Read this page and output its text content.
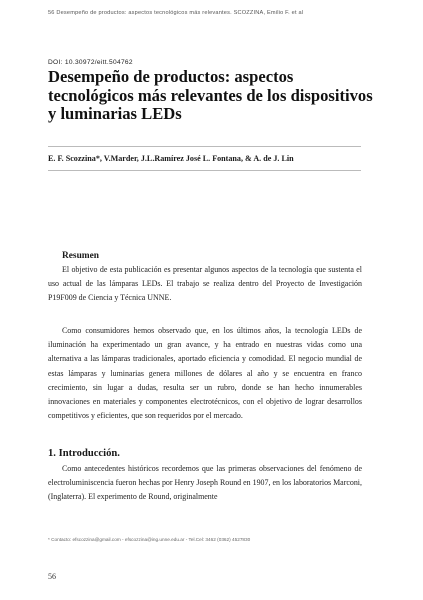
56 Desempeño de productos: aspectos tecnológicos más relevantes. SCOZZINA, Emilio F. et al
DOI: 10.30972/eitt.504762
Desempeño de productos: aspectos tecnológicos más relevantes de los dispositivos y luminarias LEDs
E. F. Scozzina*, V.Marder, J.L.Ramírez José L. Fontana, & A. de J. Lin
Resumen

El objetivo de esta publicación es presentar algunos aspectos de la tecnología que sustenta el uso actual de las lámparas LEDs. El trabajo se realiza dentro del Proyecto de Investigación P19F009 de Ciencia y Técnica UNNE.

Como consumidores hemos observado que, en los últimos años, la tecnología LEDs de iluminación ha experimentado un gran avance, y ha entrado en nuestras vidas como una alternativa a las lámparas tradicionales, aportado eficiencia y comodidad. El negocio mundial de estas lámparas y luminarias genera millones de dólares al año y se encuentra en franco crecimiento, sin lugar a dudas, resulta ser un rubro, donde se han hecho innumerables innovaciones en materiales y componentes electrotécnicos, con el objetivo de lograr desarrollos competitivos y eficientes, que son requeridos por el mercado.

1. Introducción.

Como antecedentes históricos recordemos que las primeras observaciones del fenómeno de electroluminiscencia fueron hechas por Henry Joseph Round en 1907, en los laboratorios Marconi, (Inglaterra). El experimento de Round, originalmente

* Contacto: efscozzina@gmail.com - efscozzina@ing.unne.edu.ar - Tel.Cel: 3462 (0362) 4527830
56
